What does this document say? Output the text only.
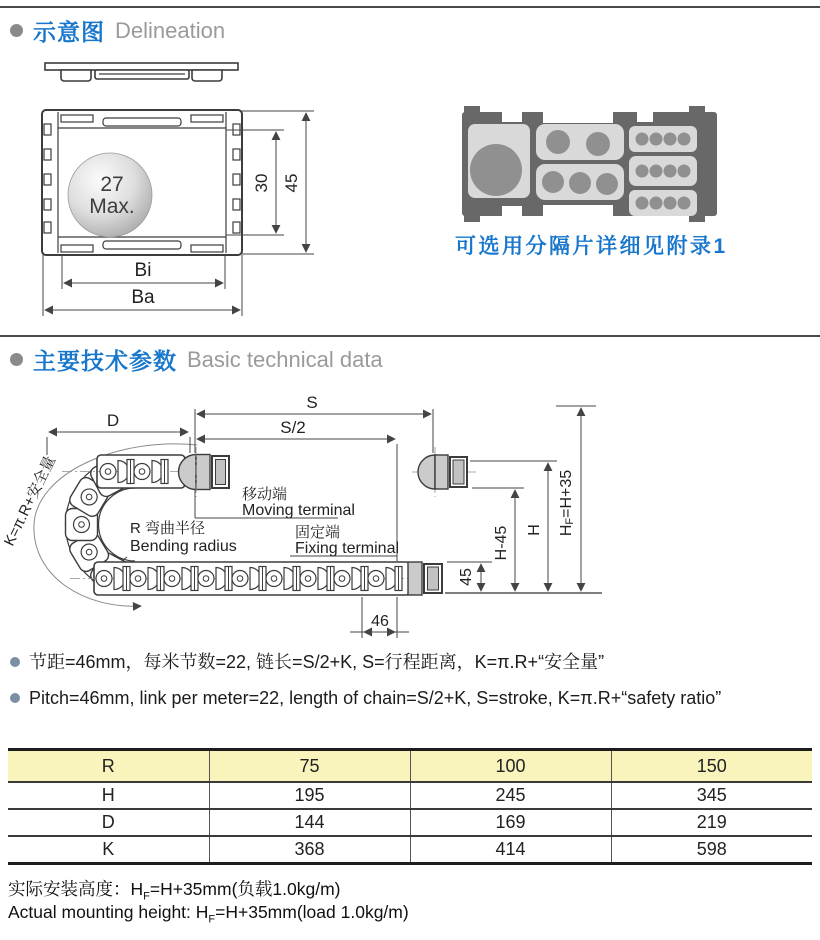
示意图 Delineation
27
Max.
30 45
Bi
Ba
可选用分隔片详细见附录1
主要技术参数 Basic technical data
S
S/2
D
K=π.R+安全量	移动端
Moving terminal
固定端
Fixing terminal
R 弯曲半径
Bending radius
45
H-45 H HF=H+35
46
节距=46mm，每米节数=22, 链长=S/2+K, S=行程距离，K=π.R+“安全量”
Pitch=46mm, link per meter=22, length of chain=S/2+K, S=stroke, K=π.R+“safety ratio”
R	75	100	150
H	195	245	345
D	144	169	219
K	368	414	598
实际安装高度：$H_F=H+35mm$(负载1.0kg/m)
Actual mounting height: $H_F=H+35mm(load$ 1.0kg/m)
